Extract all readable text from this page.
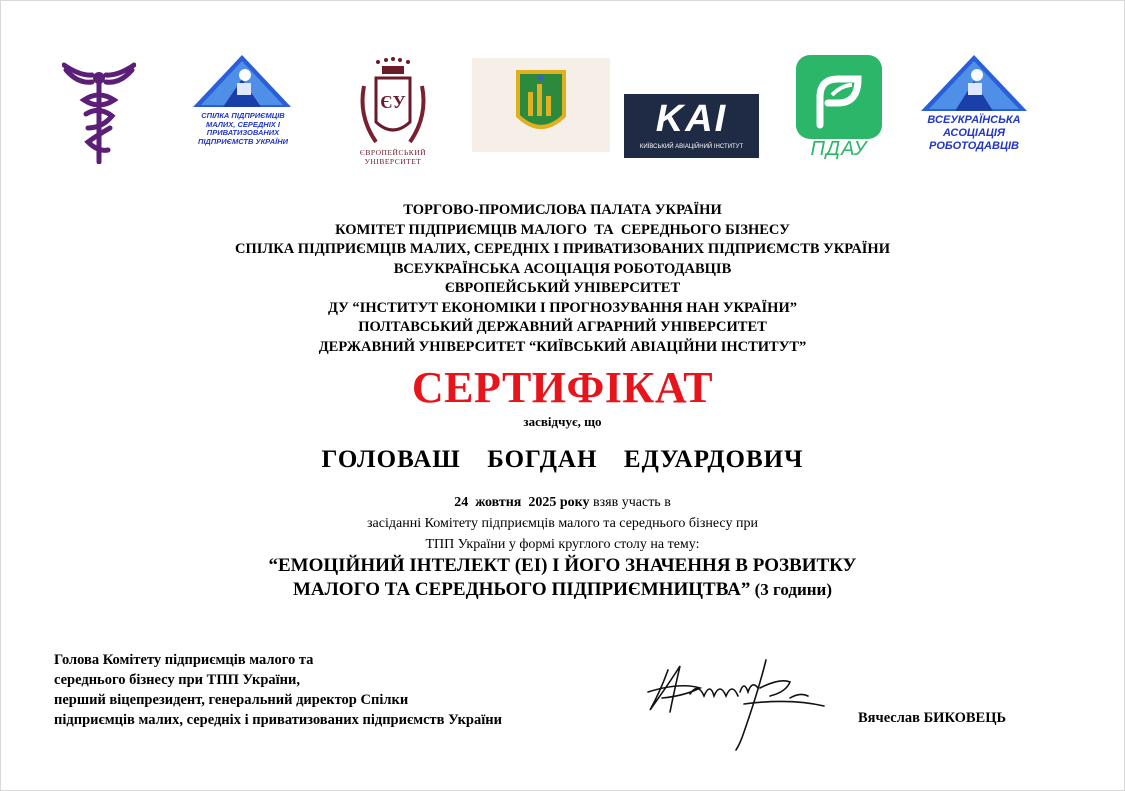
СПІЛКА ПІДПРИЄМЦІВ МАЛИХ, СЕРЕДНІХ І ПРИВАТИЗОВАНИХ ПІДПРИЄМСТВ УКРАЇНИ
ЄУ
ЄВРОПЕЙСЬКИЙ УНІВЕРСИТЕТ
KAI
КИЇВСЬКИЙ АВІАЦІЙНИЙ ІНСТИТУТ	ПДАУ
ВСЕУКРАЇНСЬКА АСОЦІАЦІЯ РОБОТОДАВЦІВ
ТОРГОВО-ПРОМИСЛОВА ПАЛАТА УКРАЇНИ
КОМІТЕТ ПІДПРИЄМЦІВ МАЛОГО  ТА  СЕРЕДНЬОГО БІЗНЕСУ
СПІЛКА ПІДПРИЄМЦІВ МАЛИХ, СЕРЕДНІХ І ПРИВАТИЗОВАНИХ ПІДПРИЄМСТВ УКРАЇНИ
ВСЕУКРАЇНСЬКА АСОЦІАЦІЯ РОБОТОДАВЦІВ
ЄВРОПЕЙСЬКИЙ УНІВЕРСИТЕТ
ДУ “ІНСТИТУТ ЕКОНОМІКИ І ПРОГНОЗУВАННЯ НАН УКРАЇНИ”
ПОЛТАВСЬКИЙ ДЕРЖАВНИЙ АГРАРНИЙ УНІВЕРСИТЕТ
ДЕРЖАВНИЙ УНІВЕРСИТЕТ “КИЇВСЬКИЙ АВІАЦІЙНИ ІНСТИТУТ”
СЕРТИФІКАТ
засвідчує, що
ГОЛОВАШ  БОГДАН  ЕДУАРДОВИЧ
24  жовтня  2025 року взяв участь в
засіданні Комітету підприємців малого та середнього бізнесу при
ТПП України у формі круглого столу на тему:
“ЕМОЦІЙНИЙ ІНТЕЛЕКТ (ЕІ) І ЙОГО ЗНАЧЕННЯ В РОЗВИТКУ
МАЛОГО ТА СЕРЕДНЬОГО ПІДПРИЄМНИЦТВА” (3 години)
Голова Комітету підприємців малого та
середнього бізнесу при ТПП України,
перший віцепрезидент, генеральний директор Спілки
підприємців малих, середніх і приватизованих підприємств України	Вячеслав БИКОВЕЦЬ
